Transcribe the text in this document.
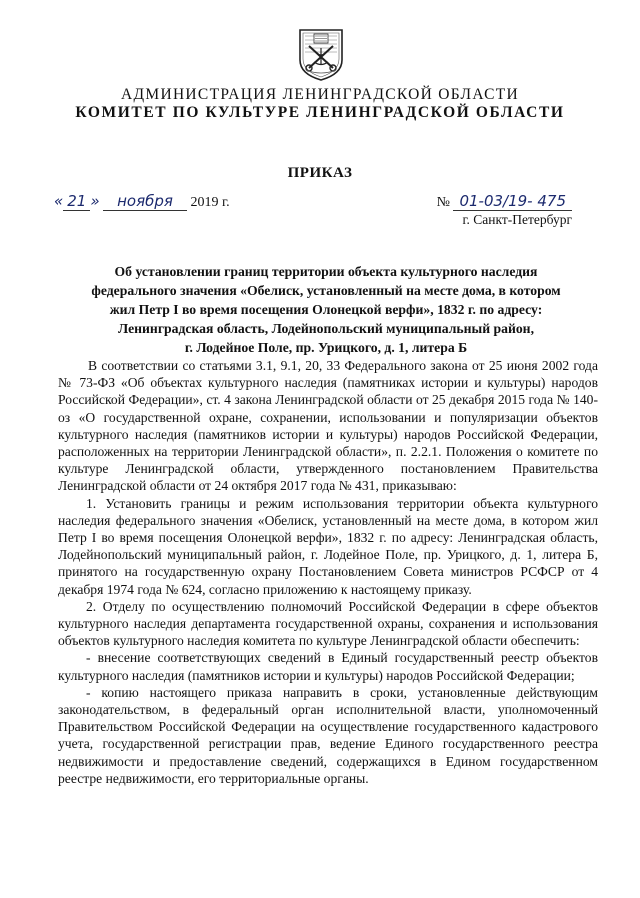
АДМИНИСТРАЦИЯ ЛЕНИНГРАДСКОЙ ОБЛАСТИ
КОМИТЕТ ПО КУЛЬТУРЕ ЛЕНИНГРАДСКОЙ ОБЛАСТИ
ПРИКАЗ
« 21 » ноября 2019 г.	№ 01-03/19- 475
г. Санкт-Петербург
Об установлении границ территории объекта культурного наследия
федерального значения «Обелиск, установленный на месте дома, в котором
жил Петр I во время посещения Олонецкой верфи», 1832 г. по адресу:
Ленинградская область, Лодейнопольский муниципальный район,
г. Лодейное Поле, пр. Урицкого, д. 1, литера Б

В соответствии со статьями 3.1, 9.1, 20, 33 Федерального закона от 25 июня 2002 года № 73-ФЗ «Об объектах культурного наследия (памятниках истории и культуры) народов Российской Федерации», ст. 4 закона Ленинградской области от 25 декабря 2015 года № 140-оз «О государственной охране, сохранении, использовании и популяризации объектов культурного наследия (памятников истории и культуры) народов Российской Федерации, расположенных на территории Ленинградской области», п. 2.2.1. Положения о комитете по культуре Ленинградской области, утвержденного постановлением Правительства Ленинградской области от 24 октября 2017 года № 431, приказываю:

1. Установить границы и режим использования территории объекта культурного наследия федерального значения «Обелиск, установленный на месте дома, в котором жил Петр I во время посещения Олонецкой верфи», 1832 г. по адресу: Ленинградская область, Лодейнопольский муниципальный район, г. Лодейное Поле, пр. Урицкого, д. 1, литера Б, принятого на государственную охрану Постановлением Совета министров РСФСР от 4 декабря 1974 года № 624, согласно приложению к настоящему приказу.

2. Отделу по осуществлению полномочий Российской Федерации в сфере объектов культурного наследия департамента государственной охраны, сохранения и использования объектов культурного наследия комитета по культуре Ленинградской области обеспечить:

- внесение соответствующих сведений в Единый государственный реестр объектов культурного наследия (памятников истории и культуры) народов Российской Федерации;

- копию настоящего приказа направить в сроки, установленные действующим законодательством, в федеральный орган исполнительной власти, уполномоченный Правительством Российской Федерации на осуществление государственного кадастрового учета, государственной регистрации прав, ведение Единого государственного реестра недвижимости и предоставление сведений, содержащихся в Едином государственном реестре недвижимости, его территориальные органы.
